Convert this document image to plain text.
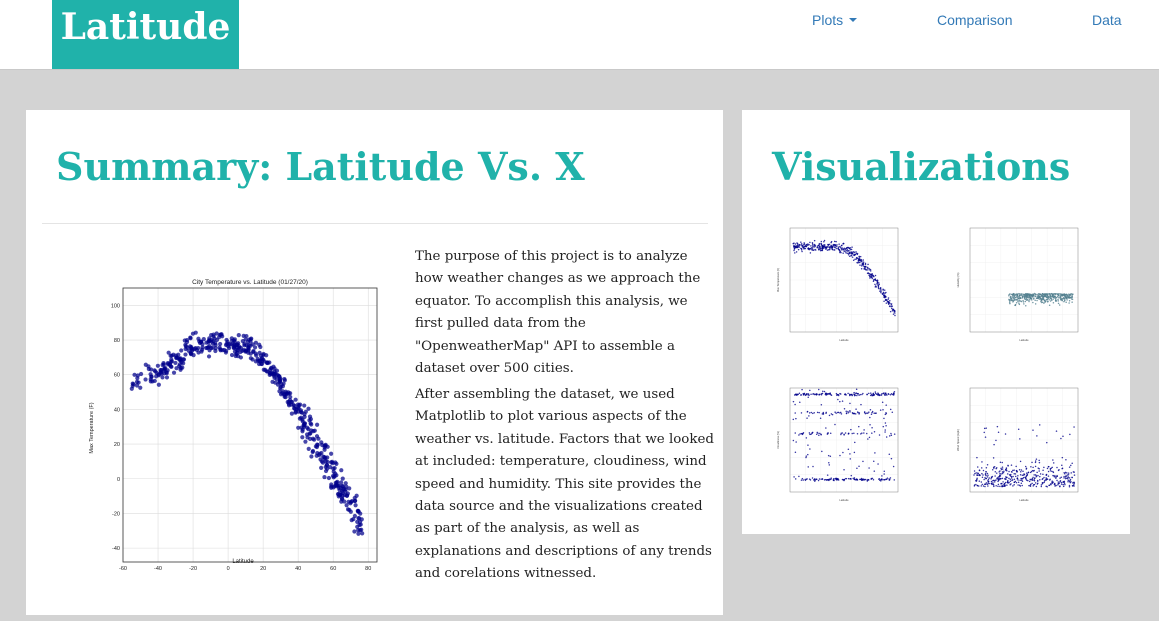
Latitude	Plots	Comparison	Data
Summary: Latitude Vs. X
City Temperature vs. Latitude (01/27/20)
Latitude
Max Temperature (F)
-60	-40	-20	0	20	40	60	80
-40
-20
0
20
40
60
80
100

The purpose of this project is to analyze how weather changes as we approach the equator. To accomplish this analysis, we first pulled data from the "OpenweatherMap" API to assemble a dataset over 500 cities.

After assembling the dataset, we used Matplotlib to plot various aspects of the weather vs. latitude. Factors that we looked at included: temperature, cloudiness, wind speed and humidity. This site provides the data source and the visualizations created as part of the analysis, as well as explanations and descriptions of any trends and corelations witnessed.

Visualizations
Max Temperature (F)
Latitude
Humidity (%)
Latitude
Cloudiness (%)
Latitude
Wind Speed (mph)
Latitude
